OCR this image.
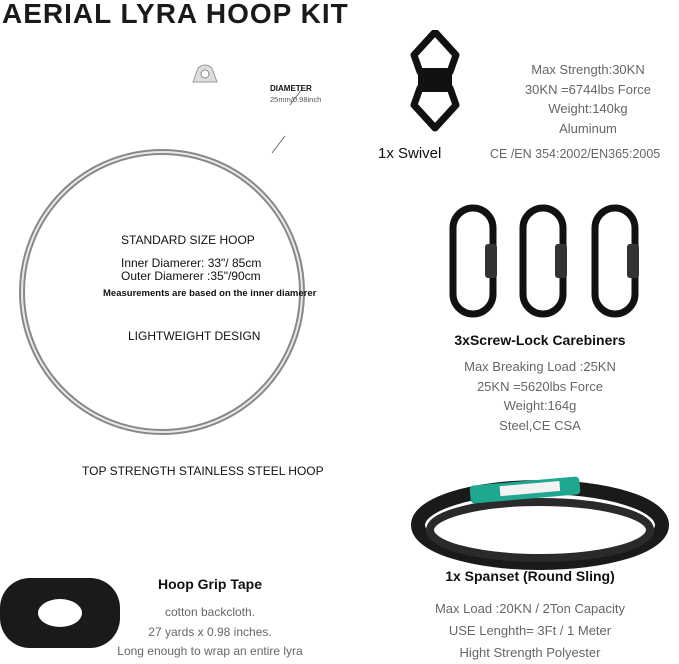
AERIAL LYRA HOOP KIT
DIAMETER
25mm/0.98inch
STANDARD SIZE HOOP
Inner Diamerer: 33"/ 85cm
Outer Diamerer :35"/90cm
Measurements are based on the inner diamerer
LIGHTWEIGHT DESIGN
TOP STRENGTH STAINLESS STEEL HOOP
1x Swivel
Max Strength:30KN
30KN =6744lbs Force
Weight:140kg
Aluminum
CE /EN 354:2002/EN365:2005
3xScrew-Lock Carebiners
Max Breaking Load :25KN
25KN =5620lbs Force
Weight:164g
Steel,CE CSA
1x Spanset (Round Sling)
Max Load :20KN / 2Ton Capacity
USE Lenghth= 3Ft / 1 Meter
Hight Strength Polyester
Hoop Grip Tape
cotton backcloth.
27 yards x 0.98 inches.
Long enough to wrap an entire lyra
